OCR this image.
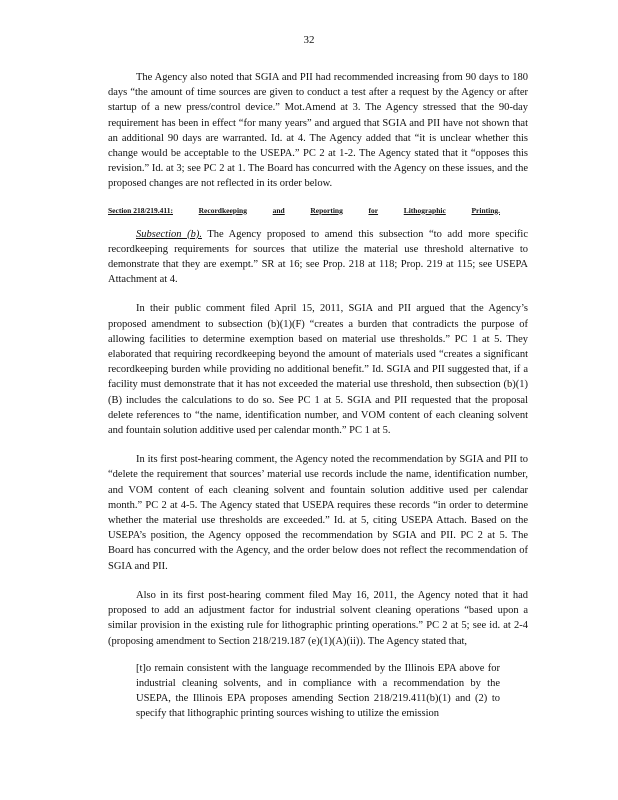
32

The Agency also noted that SGIA and PII had recommended increasing from 90 days to 180 days “the amount of time sources are given to conduct a test after a request by the Agency or after startup of a new press/control device.” Mot.Amend at 3. The Agency stressed that the 90-day requirement has been in effect “for many years” and argued that SGIA and PII have not shown that an additional 90 days are warranted. Id. at 4. The Agency added that “it is unclear whether this change would be acceptable to the USEPA.” PC 2 at 1-2. The Agency stated that it “opposes this revision.” Id. at 3; see PC 2 at 1. The Board has concurred with the Agency on these issues, and the proposed changes are not reflected in its order below.

Section 218/219.411:	Recordkeeping	and	Reporting	for	Lithographic	Printing.

Subsection (b). The Agency proposed to amend this subsection “to add more specific recordkeeping requirements for sources that utilize the material use threshold alternative to demonstrate that they are exempt.” SR at 16; see Prop. 218 at 118; Prop. 219 at 115; see USEPA Attachment at 4.

In their public comment filed April 15, 2011, SGIA and PII argued that the Agency’s proposed amendment to subsection (b)(1)(F) “creates a burden that contradicts the purpose of allowing facilities to determine exemption based on material use thresholds.” PC 1 at 5. They elaborated that requiring recordkeeping beyond the amount of materials used “creates a significant recordkeeping burden while providing no additional benefit.” Id. SGIA and PII suggested that, if a facility must demonstrate that it has not exceeded the material use threshold, then subsection (b)(1)(B) includes the calculations to do so. See PC 1 at 5. SGIA and PII requested that the proposal delete references to “the name, identification number, and VOM content of each cleaning solvent and fountain solution additive used per calendar month.” PC 1 at 5.

In its first post-hearing comment, the Agency noted the recommendation by SGIA and PII to “delete the requirement that sources’ material use records include the name, identification number, and VOM content of each cleaning solvent and fountain solution additive used per calendar month.” PC 2 at 4-5. The Agency stated that USEPA requires these records “in order to determine whether the material use thresholds are exceeded.” Id. at 5, citing USEPA Attach. Based on the USEPA’s position, the Agency opposed the recommendation by SGIA and PII. PC 2 at 5. The Board has concurred with the Agency, and the order below does not reflect the recommendation of SGIA and PII.

Also in its first post-hearing comment filed May 16, 2011, the Agency noted that it had proposed to add an adjustment factor for industrial solvent cleaning operations “based upon a similar provision in the existing rule for lithographic printing operations.” PC 2 at 5; see id. at 2-4 (proposing amendment to Section 218/219.187 (e)(1)(A)(ii)). The Agency stated that,

[t]o remain consistent with the language recommended by the Illinois EPA above for industrial cleaning solvents, and in compliance with a recommendation by the USEPA, the Illinois EPA proposes amending Section 218/219.411(b)(1) and (2) to specify that lithographic printing sources wishing to utilize the emission
